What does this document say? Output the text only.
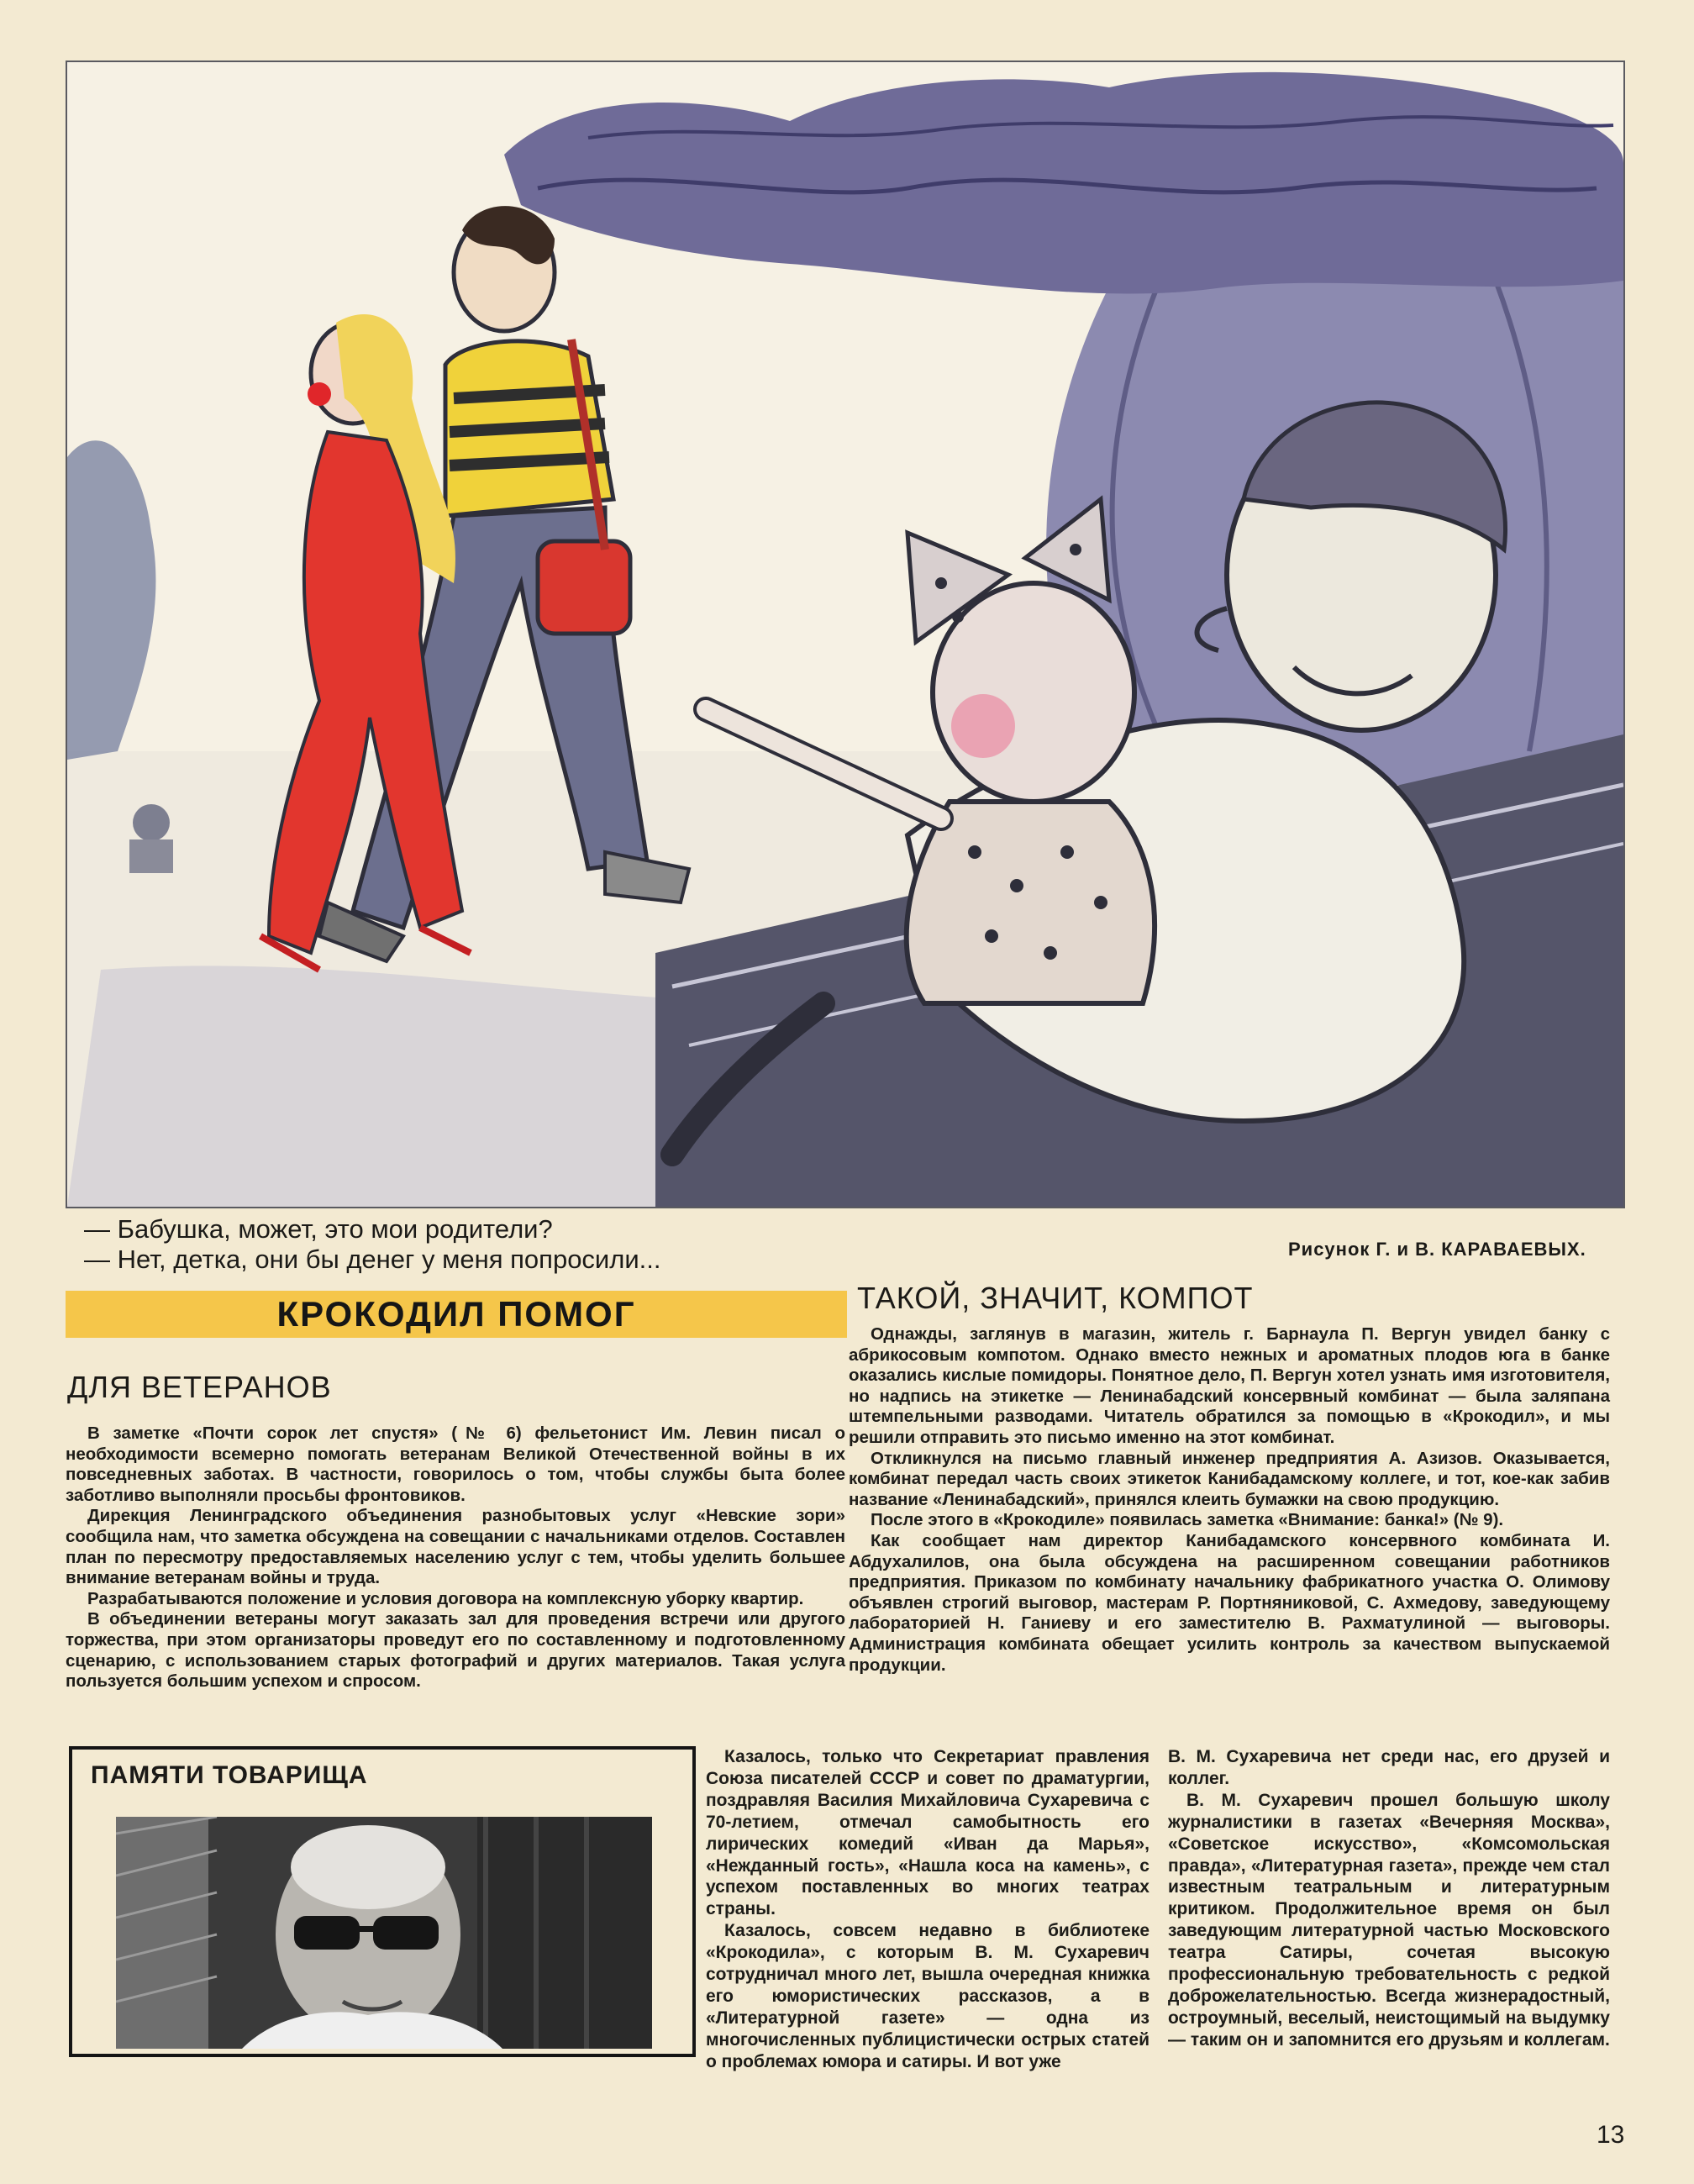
— Бабушка, может, это мои родители?
— Нет, детка, они бы денег у меня попросили...	Рисунок Г. и В. КАРАВАЕВЫХ.
КРОКОДИЛ ПОМОГ
ДЛЯ ВЕТЕРАНОВ

В заметке «Почти сорок лет спустя» (№ 6) фельетонист Им. Левин писал о необходимости всемерно помогать ветеранам Великой Отечественной войны в их повседневных заботах. В частности, говорилось о том, чтобы службы быта более заботливо выполняли просьбы фронтовиков.

Дирекция Ленинградского объединения разнобытовых услуг «Невские зори» сообщила нам, что заметка обсуждена на совещании с начальниками отделов. Составлен план по пересмотру предоставляемых населению услуг с тем, чтобы уделить большее внимание ветеранам войны и труда.

Разрабатываются положение и условия договора на комплексную уборку квартир.

В объединении ветераны могут заказать зал для проведения встречи или другого торжества, при этом организаторы проведут его по составленному и подготовленному сценарию, с использованием старых фотографий и других материалов. Такая услуга пользуется большим успехом и спросом.

ТАКОЙ, ЗНАЧИТ, КОМПОТ

Однажды, заглянув в магазин, житель г. Барнаула П. Вергун увидел банку с абрикосовым компотом. Однако вместо нежных и ароматных плодов юга в банке оказались кислые помидоры. Понятное дело, П. Вергун хотел узнать имя изготовителя, но надпись на этикетке — Ленинабадский консервный комбинат — была заляпана штемпельными разводами. Читатель обратился за помощью в «Крокодил», и мы решили отправить это письмо именно на этот комбинат.

Откликнулся на письмо главный инженер предприятия А. Азизов. Оказывается, комбинат передал часть своих этикеток Канибадамскому коллеге, и тот, кое-как забив название «Ленинабадский», принялся клеить бумажки на свою продукцию.

После этого в «Крокодиле» появилась заметка «Внимание: банка!» (№ 9).

Как сообщает нам директор Канибадамского консервного комбината И. Абдухалилов, она была обсуждена на расширенном совещании работников предприятия. Приказом по комбинату начальнику фабрикатного участка О. Олимову объявлен строгий выговор, мастерам Р. Портняниковой, С. Ахмедову, заведующему лабораторией Н. Ганиеву и его заместителю В. Рахматулиной — выговоры. Администрация комбината обещает усилить контроль за качеством выпускаемой продукции.

ПАМЯТИ ТОВАРИЩА

Казалось, только что Секретариат правления Союза писателей СССР и совет по драматургии, поздравляя Василия Михайловича Сухаревича с 70-летием, отмечал самобытность его лирических комедий «Иван да Марья», «Нежданный гость», «Нашла коса на камень», с успехом поставленных во многих театрах страны.

Казалось, совсем недавно в библиотеке «Крокодила», с которым В. М. Сухаревич сотрудничал много лет, вышла очередная книжка его юмористических рассказов, а в «Литературной газете» — одна из многочисленных публицистически острых статей о проблемах юмора и сатиры. И вот уже

В. М. Сухаревича нет среди нас, его друзей и коллег.

В. М. Сухаревич прошел большую школу журналистики в газетах «Вечерняя Москва», «Советское искусство», «Комсомольская правда», «Литературная газета», прежде чем стал известным театральным и литературным критиком. Продолжительное время он был заведующим литературной частью Московского театра Сатиры, сочетая высокую профессиональную требовательность с редкой доброжелательностью. Всегда жизнерадостный, остроумный, веселый, неистощимый на выдумку — таким он и запомнится его друзьям и коллегам.

13
